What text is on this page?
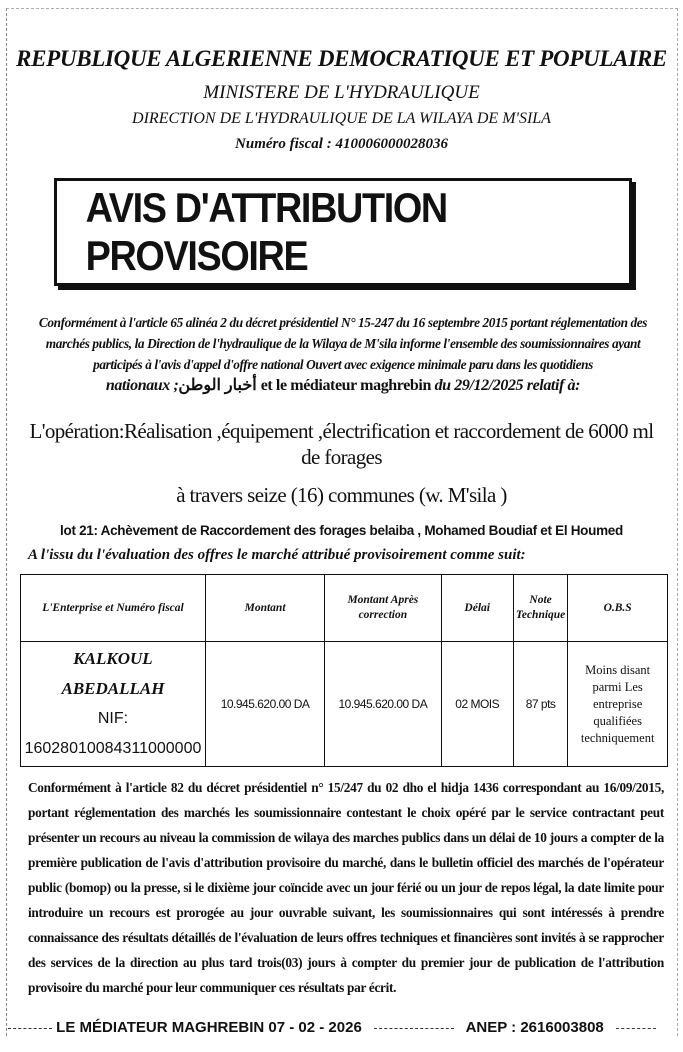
REPUBLIQUE ALGERIENNE DEMOCRATIQUE ET POPULAIRE
MINISTERE DE L'HYDRAULIQUE
DIRECTION DE L'HYDRAULIQUE DE LA WILAYA DE M'SILA
Numéro fiscal : 410006000028036
AVIS D'ATTRIBUTION PROVISOIRE
Conformément à l'article 65 alinéa 2 du décret présidentiel N° 15-247 du 16 septembre 2015 portant réglementation des marchés publics, la Direction de l'hydraulique de la Wilaya de M'sila informe l'ensemble des soumissionnaires ayant participés à l'avis d'appel d'offre national Ouvert avec exigence minimale paru dans les quotidiens
nationaux ;أخبار الوطن et le médiateur maghrebin du 29/12/2025 relatif à:
L'opération:Réalisation ,équipement ,électrification et raccordement de 6000 ml de forages
à travers seize (16) communes (w. M'sila )
lot 21: Achèvement de Raccordement des forages belaiba , Mohamed Boudiaf et El Houmed
A l'issu du l'évaluation des offres le marché attribué provisoirement comme suit:
L'Enterprise et Numéro fiscal	Montant	Montant Après correction	Délai	Note Technique	O.B.S

KALKOUL ABEDALLAH
NIF:
16028010084311000000	10.945.620.00 DA	10.945.620.00 DA	02 MOIS	87 pts	Moins disant parmi Les entreprise qualifiées techniquement
Conformément à l'article 82 du décret présidentiel n° 15/247 du 02 dho el hidja 1436 correspondant au 16/09/2015, portant réglementation des marchés les soumissionnaire contestant le choix opéré par le service contractant peut présenter un recours au niveau la commission de wilaya des marches publics dans un délai de 10 jours a compter de la première publication de l'avis d'attribution provisoire du marché, dans le bulletin officiel des marchés de l'opérateur public (bomop) ou la presse, si le dixième jour coïncide avec un jour férié ou un jour de repos légal, la date limite pour introduire un recours est prorogée au jour ouvrable suivant, les soumissionnaires qui sont intéressés à prendre connaissance des résultats détaillés de l'évaluation de leurs offres techniques et financières sont invités à se rapprocher des services de la direction au plus tard trois(03) jours à compter du premier jour de publication de l'attribution provisoire du marché pour leur communiquer ces résultats par écrit.
LE MÉDIATEUR MAGHREBIN 07 - 02 - 2026	ANEP : 2616003808
